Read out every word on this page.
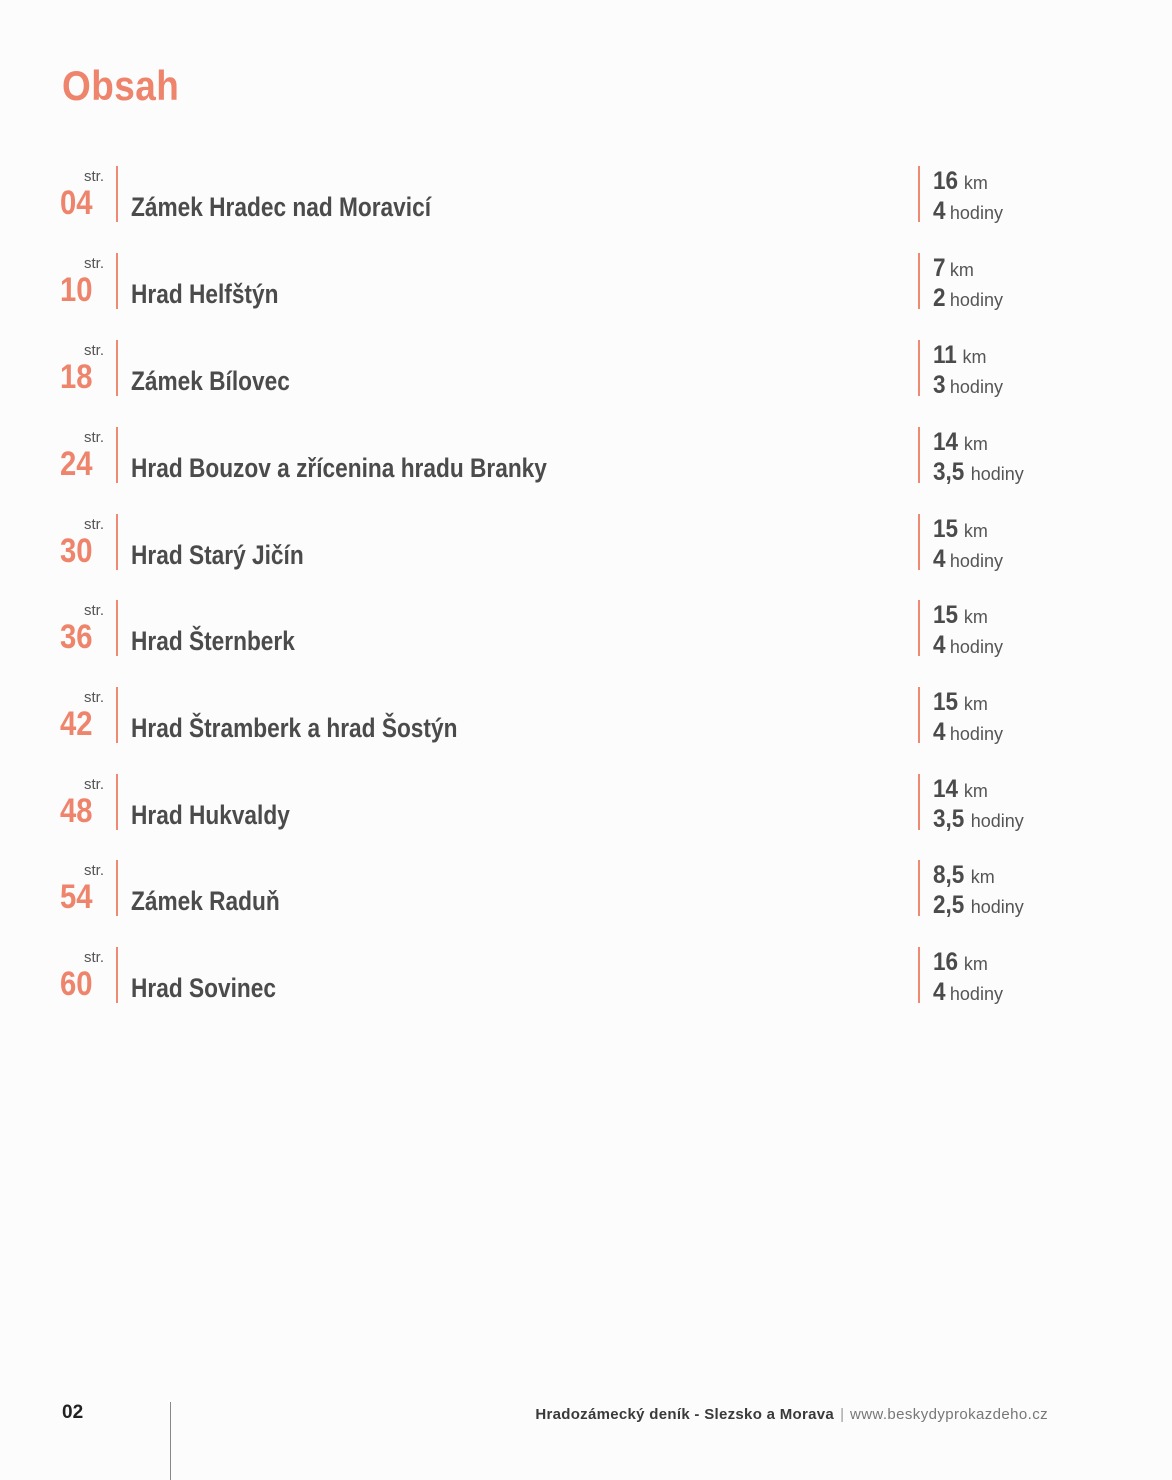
Obsah
str.
04 Zámek Hradec nad Moravicí
16 km
4 hodiny
str.
10 Hrad Helfštýn
7 km
2 hodiny
str.
18 Zámek Bílovec
11 km
3 hodiny
str.
24 Hrad Bouzov a zřícenina hradu Branky
14 km
3,5 hodiny
str.
30 Hrad Starý Jičín
15 km
4 hodiny
str.
36 Hrad Šternberk
15 km
4 hodiny
str.
42 Hrad Štramberk a hrad Šostýn
15 km
4 hodiny
str.
48 Hrad Hukvaldy
14 km
3,5 hodiny
str.
54 Zámek Raduň
8,5 km
2,5 hodiny
str.
60 Hrad Sovinec
16 km
4 hodiny
02	Hradozámecký deník - Slezsko a Morava | www.beskydyprokazdeho.cz
